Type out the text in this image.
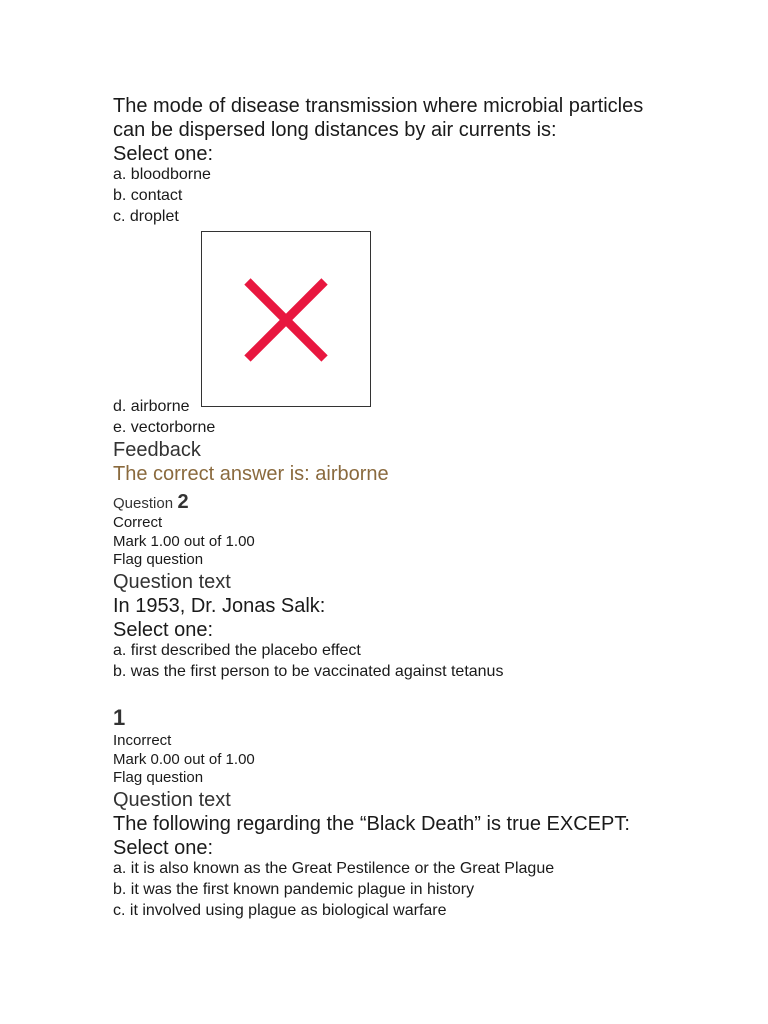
The mode of disease transmission where microbial particles
can be dispersed long distances by air currents is:
Select one:
a. bloodborne
b. contact
c. droplet
d. airborne
e. vectorborne
Feedback
The correct answer is: airborne
Question 2
Correct
Mark 1.00 out of 1.00
Flag question
Question text
In 1953, Dr. Jonas Salk:
Select one:
a. first described the placebo effect
b. was the first person to be vaccinated against tetanus
1
Incorrect
Mark 0.00 out of 1.00
Flag question
Question text
The following regarding the “Black Death” is true EXCEPT:
Select one:
a. it is also known as the Great Pestilence or the Great Plague
b. it was the first known pandemic plague in history
c. it involved using plague as biological warfare
